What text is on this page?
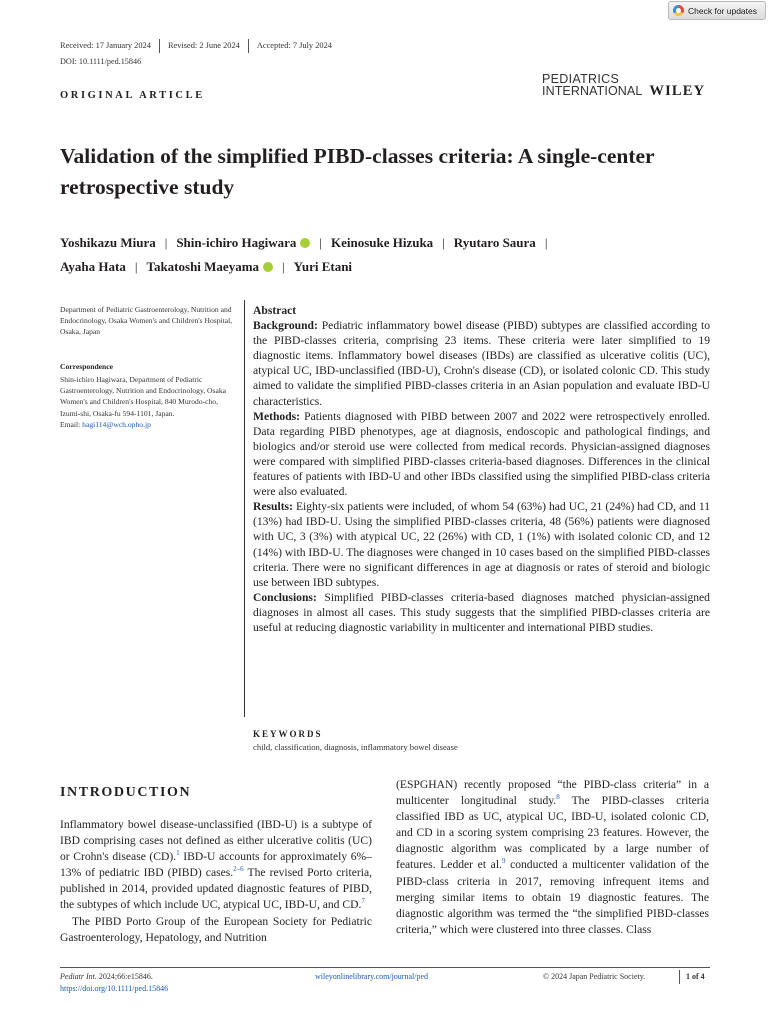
Check for updates
Received: 17 January 2024	Revised: 2 June 2024	Accepted: 7 July 2024
DOI: 10.1111/ped.15846
ORIGINAL ARTICLE
PEDIATRICS
INTERNATIONAL WILEY
Validation of the simplified PIBD-classes criteria: A single-center retrospective study
Yoshikazu Miura | Shin-ichiro Hagiwara iD | Keinosuke Hizuka | Ryutaro Saura |
Ayaha Hata | Takatoshi Maeyama iD | Yuri Etani
Department of Pediatric Gastroenterology, Nutrition and Endocrinology, Osaka Women's and Children's Hospital, Osaka, Japan
Correspondence
Shin-ichiro Hagiwara, Department of Pediatric Gastroenterology, Nutrition and Endocrinology, Osaka Women's and Children's Hospital, 840 Murodo-cho, Izumi-shi, Osaka-fu 594-1101, Japan.
Email: hagi114@wch.opho.jp

Abstract

Background: Pediatric inflammatory bowel disease (PIBD) subtypes are classified according to the PIBD-classes criteria, comprising 23 items. These criteria were later simplified to 19 diagnostic items. Inflammatory bowel diseases (IBDs) are classified as ulcerative colitis (UC), atypical UC, IBD-unclassified (IBD-U), Crohn's disease (CD), or isolated colonic CD. This study aimed to validate the simplified PIBD-classes criteria in an Asian population and evaluate IBD-U characteristics.

Methods: Patients diagnosed with PIBD between 2007 and 2022 were retrospectively enrolled. Data regarding PIBD phenotypes, age at diagnosis, endoscopic and pathological findings, and biologics and/or steroid use were collected from medical records. Physician-assigned diagnoses were compared with simplified PIBD-classes criteria-based diagnoses. Differences in the clinical features of patients with IBD-U and other IBDs classified using the simplified PIBD-class criteria were also evaluated.

Results: Eighty-six patients were included, of whom 54 (63%) had UC, 21 (24%) had CD, and 11 (13%) had IBD-U. Using the simplified PIBD-classes criteria, 48 (56%) patients were diagnosed with UC, 3 (3%) with atypical UC, 22 (26%) with CD, 1 (1%) with isolated colonic CD, and 12 (14%) with IBD-U. The diagnoses were changed in 10 cases based on the simplified PIBD-classes criteria. There were no significant differences in age at diagnosis or rates of steroid and biologic use between IBD subtypes.

Conclusions: Simplified PIBD-classes criteria-based diagnoses matched physician-assigned diagnoses in almost all cases. This study suggests that the simplified PIBD-classes criteria are useful at reducing diagnostic variability in multicenter and international PIBD studies.

KEYWORDS
child, classification, diagnosis, inflammatory bowel disease
INTRODUCTION

Inflammatory bowel disease-unclassified (IBD-U) is a subtype of IBD comprising cases not defined as either ulcerative colitis (UC) or Crohn's disease (CD).$^1$ IBD-U accounts for approximately 6%–13% of pediatric IBD (PIBD) cases.$^{2-6}$ The revised Porto criteria, published in 2014, provided updated diagnostic features of PIBD, the subtypes of which include UC, atypical UC, IBD-U, and CD.$^7$

The PIBD Porto Group of the European Society for Pediatric Gastroenterology, Hepatology, and Nutrition

(ESPGHAN) recently proposed “the PIBD-class criteria” in a multicenter longitudinal study.$^8$ The PIBD-classes criteria classified IBD as UC, atypical UC, IBD-U, isolated colonic CD, and CD in a scoring system comprising 23 features. However, the diagnostic algorithm was complicated by a large number of features. Ledder et al.$^9$ conducted a multicenter validation of the PIBD-class criteria in 2017, removing infrequent items and merging similar items to obtain 19 diagnostic features. The diagnostic algorithm was termed the “the simplified PIBD-classes criteria,” which were clustered into three classes. Class

Pediatr Int. 2024;66:e15846.
https://doi.org/10.1111/ped.15846
wileyonlinelibrary.com/journal/ped	© 2024 Japan Pediatric Society.	1 of 4
